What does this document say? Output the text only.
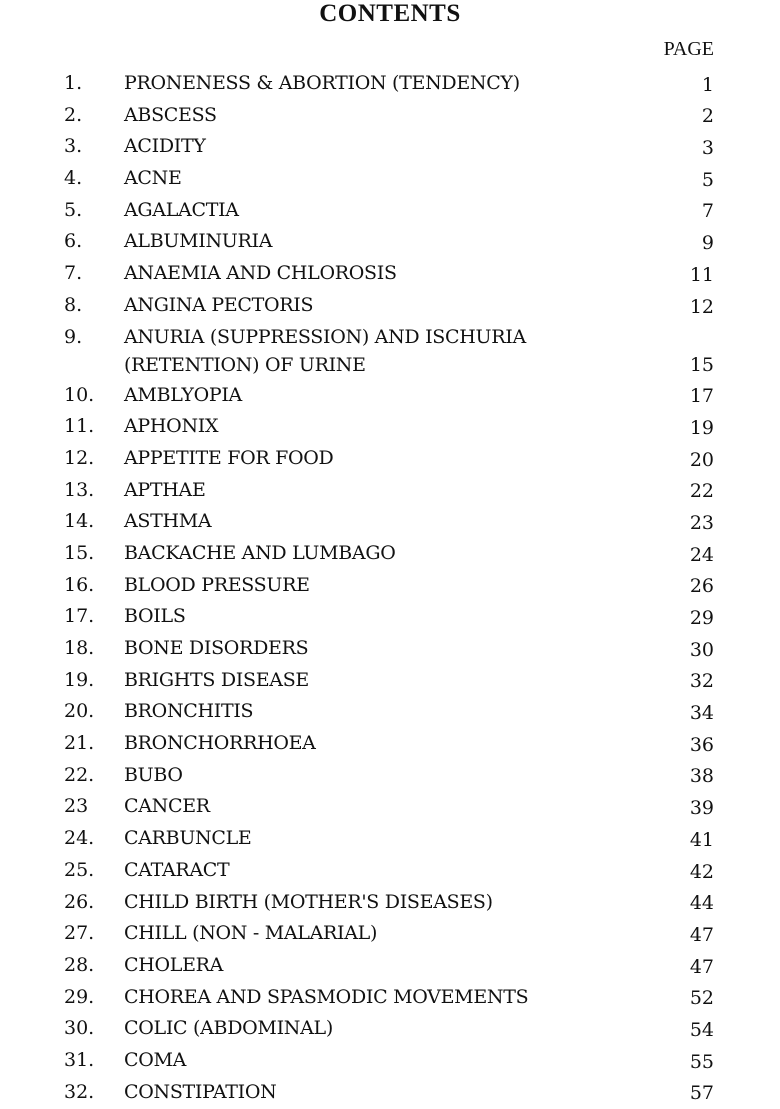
CONTENTS
PAGE
1. PRONENESS & ABORTION (TENDENCY)	1
2. ABSCESS	2
3. ACIDITY	3
4. ACNE	5
5. AGALACTIA	7
6. ALBUMINURIA	9
7. ANAEMIA AND CHLOROSIS	11
8. ANGINA PECTORIS	12
9. ANURIA (SUPPRESSION) AND ISCHURIA
(RETENTION) OF URINE	15
10. AMBLYOPIA	17
11. APHONIX	19
12. APPETITE FOR FOOD	20
13. APTHAE	22
14. ASTHMA	23
15. BACKACHE AND LUMBAGO	24
16. BLOOD PRESSURE	26
17. BOILS	29
18. BONE DISORDERS	30
19. BRIGHTS DISEASE	32
20. BRONCHITIS	34
21. BRONCHORRHOEA	36
22. BUBO	38
23 CANCER	39
24. CARBUNCLE	41
25. CATARACT	42
26. CHILD BIRTH (MOTHER'S DISEASES)	44
27. CHILL (NON - MALARIAL)	47
28. CHOLERA	47
29. CHOREA AND SPASMODIC MOVEMENTS	52
30. COLIC (ABDOMINAL)	54
31. COMA	55
32. CONSTIPATION	57
